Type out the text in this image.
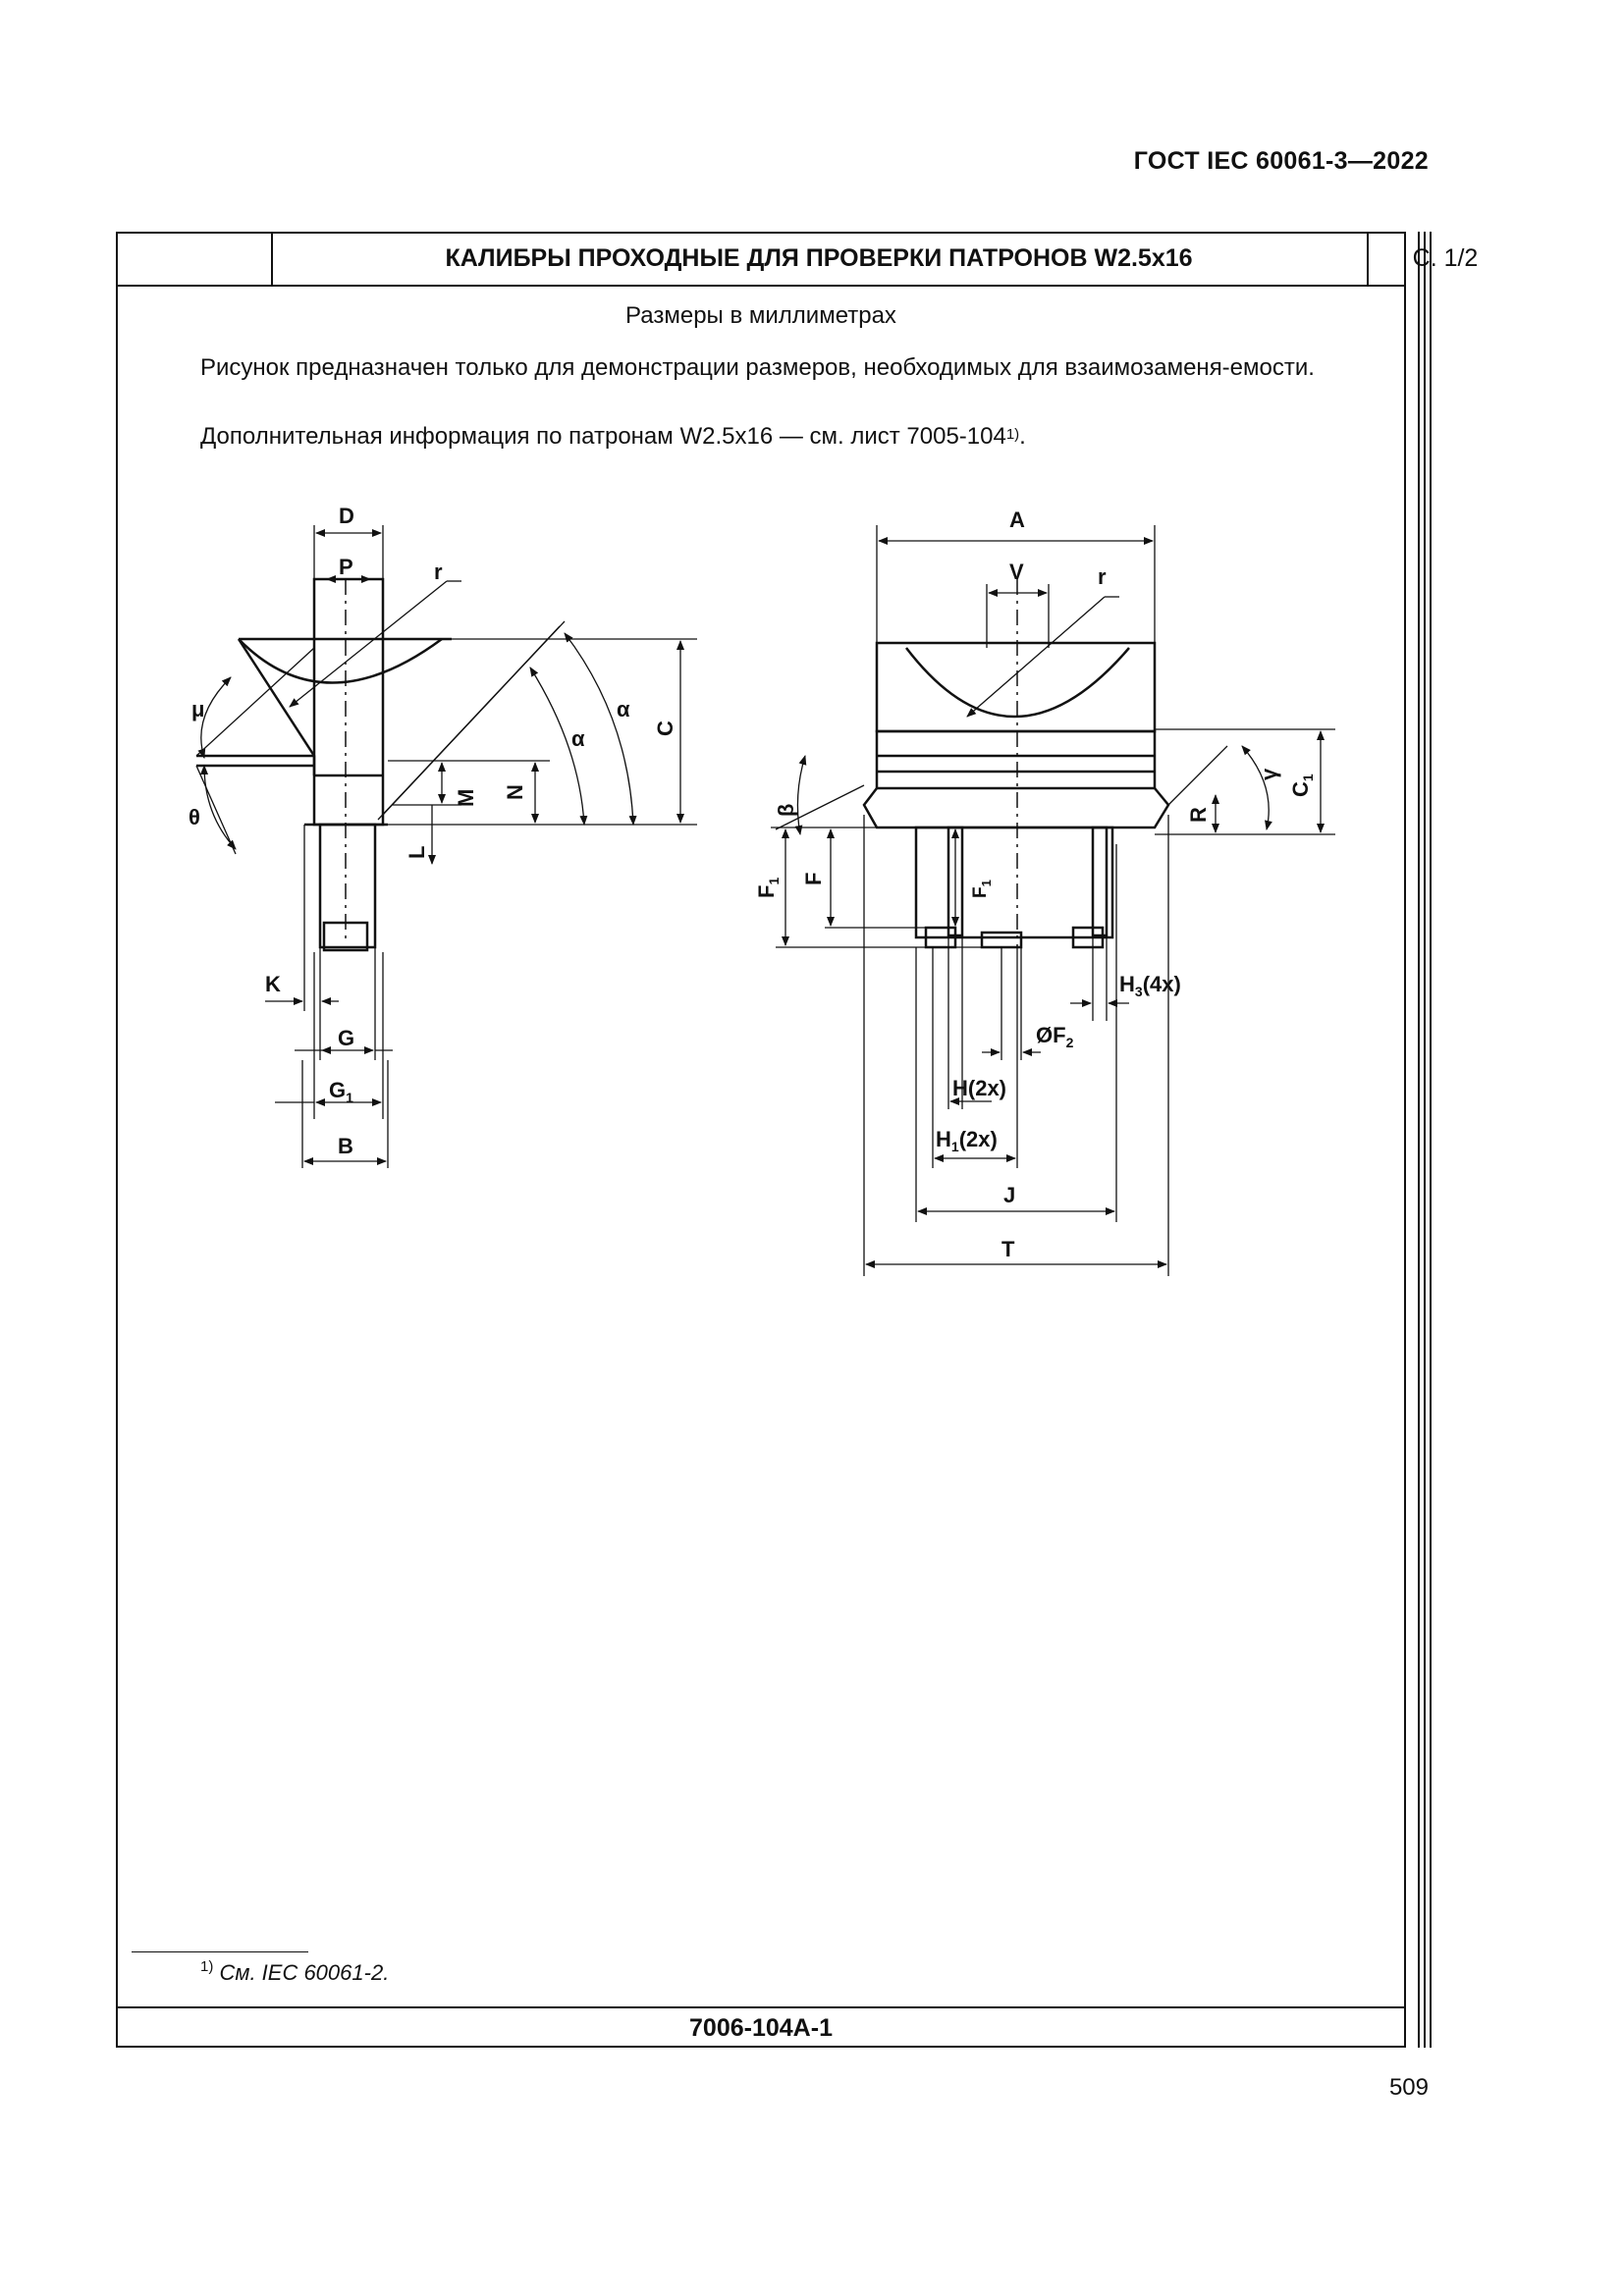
ГОСТ IEC 60061-3—2022
КАЛИБРЫ ПРОХОДНЫЕ ДЛЯ ПРОВЕРКИ ПАТРОНОВ W2.5x16	С. 1/2
Размеры в миллиметрах
Рисунок предназначен только для демонстрации размеров, необходимых для взаимозаменя-емости.
Дополнительная информация по патронам W2.5x16 — см. лист 7005-104$^{1)}$.
D
P	r
μ
θ
α
α
C
M N
L
K
G
$G_1$
B
A
V	r
β
γ
$C_1$
R
$F_1$ F
$F_1$
$H_3(4x)$
$ØF_2$
H(2x)
$H_1(2x)$
J
T
$^{1)}$ См. IEC 60061-2.
7006-104A-1
509
